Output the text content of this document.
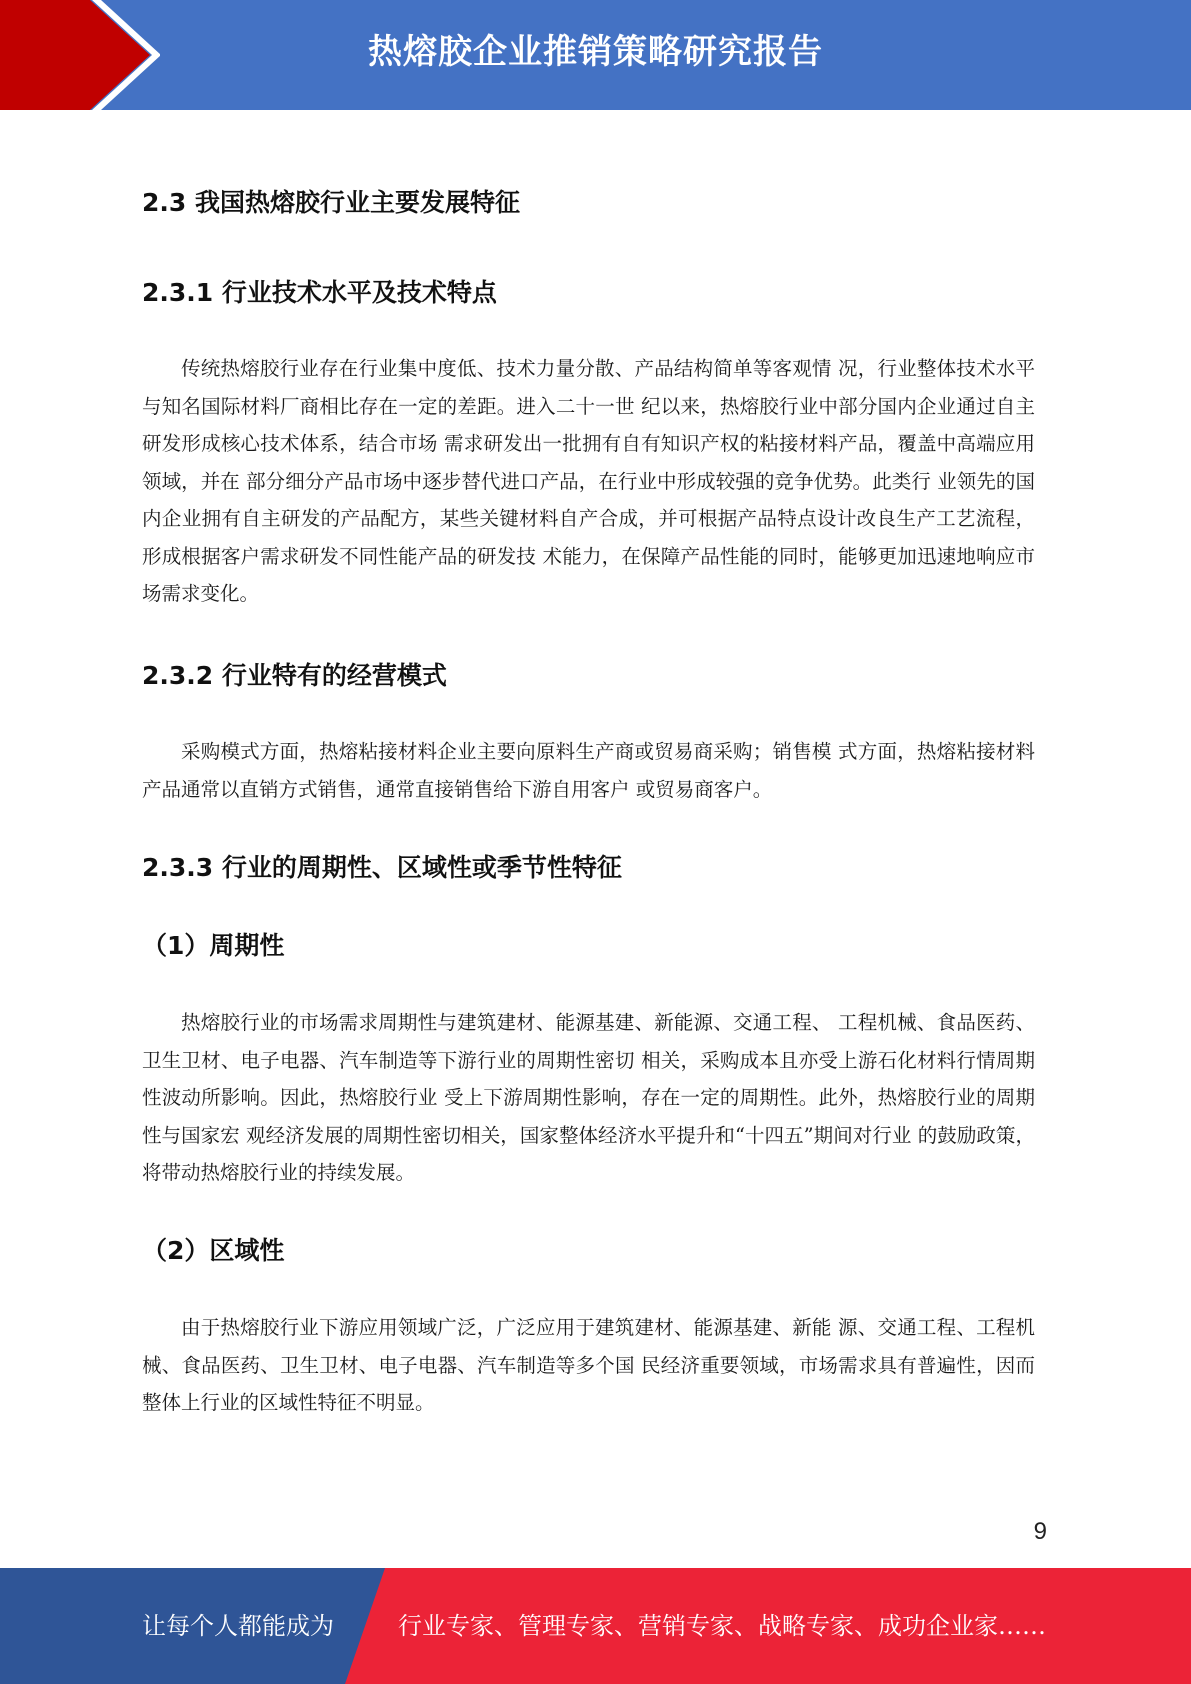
热熔胶企业推销策略研究报告
2.3 我国热熔胶行业主要发展特征
2.3.1 行业技术水平及技术特点

传统热熔胶行业存在行业集中度低、技术力量分散、产品结构简单等客观情 况，行业整体技术水平与知名国际材料厂商相比存在一定的差距。进入二十一世 纪以来，热熔胶行业中部分国内企业通过自主研发形成核心技术体系，结合市场 需求研发出一批拥有自有知识产权的粘接材料产品，覆盖中高端应用领域，并在 部分细分产品市场中逐步替代进口产品，在行业中形成较强的竞争优势。此类行 业领先的国内企业拥有自主研发的产品配方，某些关键材料自产合成，并可根据产品特点设计改良生产工艺流程，形成根据客户需求研发不同性能产品的研发技 术能力，在保障产品性能的同时，能够更加迅速地响应市场需求变化。

2.3.2 行业特有的经营模式

采购模式方面，热熔粘接材料企业主要向原料生产商或贸易商采购；销售模 式方面，热熔粘接材料产品通常以直销方式销售，通常直接销售给下游自用客户 或贸易商客户。

2.3.3 行业的周期性、区域性或季节性特征
（1）周期性

热熔胶行业的市场需求周期性与建筑建材、能源基建、新能源、交通工程、 工程机械、食品医药、卫生卫材、电子电器、汽车制造等下游行业的周期性密切 相关，采购成本且亦受上游石化材料行情周期性波动所影响。因此，热熔胶行业 受上下游周期性影响，存在一定的周期性。此外，热熔胶行业的周期性与国家宏 观经济发展的周期性密切相关，国家整体经济水平提升和“十四五”期间对行业 的鼓励政策，将带动热熔胶行业的持续发展。

（2）区域性

由于热熔胶行业下游应用领域广泛，广泛应用于建筑建材、能源基建、新能 源、交通工程、工程机械、食品医药、卫生卫材、电子电器、汽车制造等多个国 民经济重要领域，市场需求具有普遍性，因而整体上行业的区域性特征不明显。

9
让每个人都能成为	行业专家、管理专家、营销专家、战略专家、成功企业家……
